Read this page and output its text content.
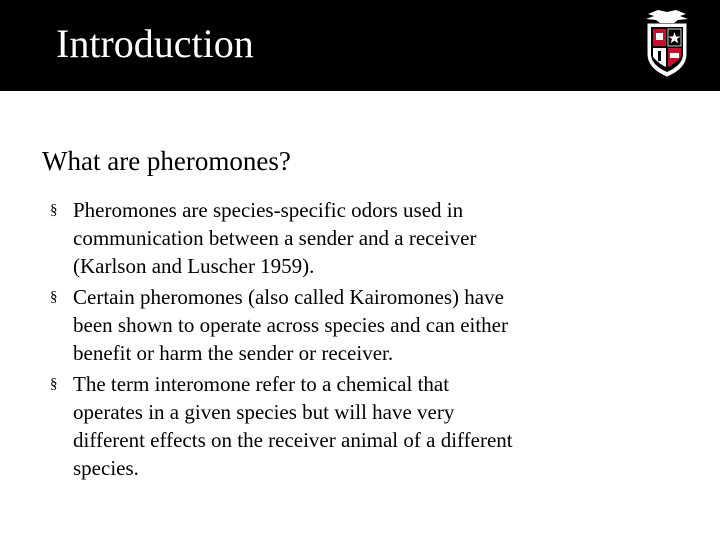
Introduction
What are pheromones?
§ Pheromones are species-specific odors used in communication between a sender and a receiver (Karlson and Luscher 1959).
§ Certain pheromones (also called Kairomones) have been shown to operate across species and can either benefit or harm the sender or receiver.
§ The term interomone refer to a chemical that operates in a given species but will have very different effects on the receiver animal of a different species.
